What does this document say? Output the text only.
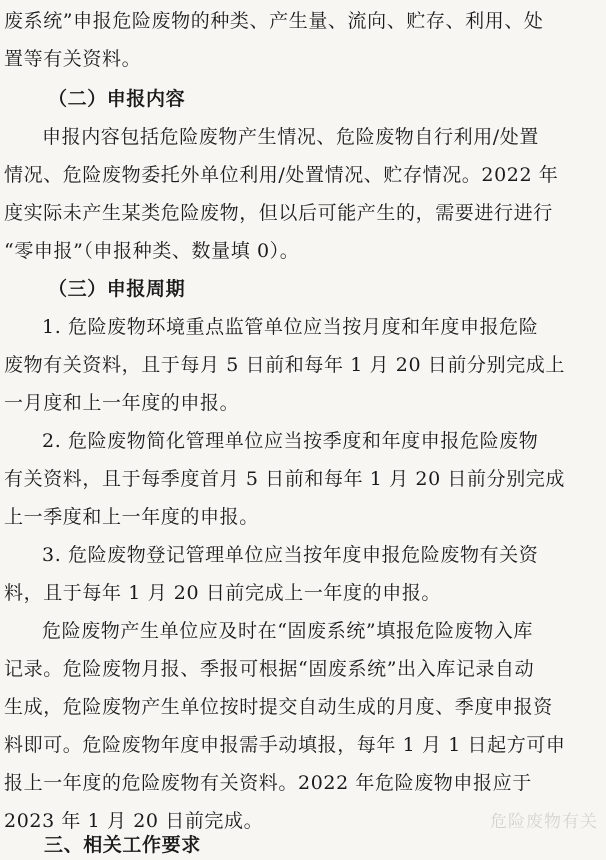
废系统”申报危险废物的种类、产生量、流向、贮存、利用、处
置等有关资料。
（二）申报内容
申报内容包括危险废物产生情况、危险废物自行利用/处置
情况、危险废物委托外单位利用/处置情况、贮存情况。2022 年
度实际未产生某类危险废物，但以后可能产生的，需要进行进行
“零申报”（申报种类、数量填 0）。
（三）申报周期
1. 危险废物环境重点监管单位应当按月度和年度申报危险
废物有关资料，且于每月 5 日前和每年 1 月 20 日前分别完成上
一月度和上一年度的申报。
2. 危险废物简化管理单位应当按季度和年度申报危险废物
有关资料，且于每季度首月 5 日前和每年 1 月 20 日前分别完成
上一季度和上一年度的申报。
3. 危险废物登记管理单位应当按年度申报危险废物有关资
料，且于每年 1 月 20 日前完成上一年度的申报。
危险废物产生单位应及时在“固废系统”填报危险废物入库
记录。危险废物月报、季报可根据“固废系统”出入库记录自动
生成，危险废物产生单位按时提交自动生成的月度、季度申报资
料即可。危险废物年度申报需手动填报，每年 1 月 1 日起方可申
报上一年度的危险废物有关资料。2022 年危险废物申报应于
2023 年 1 月 20 日前完成。	危险废物有关
三、相关工作要求
